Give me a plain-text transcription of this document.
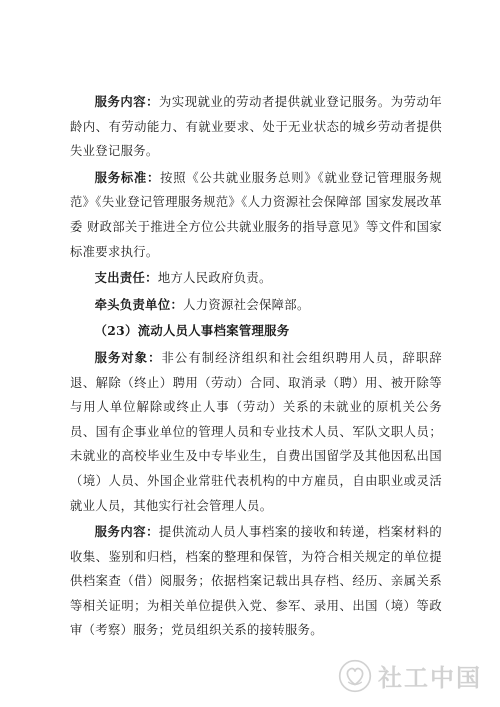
服务内容：为实现就业的劳动者提供就业登记服务。为劳动年龄内、有劳动能力、有就业要求、处于无业状态的城乡劳动者提供失业登记服务。

服务标准：按照《公共就业服务总则》《就业登记管理服务规范》《失业登记管理服务规范》《人力资源社会保障部 国家发展改革委 财政部关于推进全方位公共就业服务的指导意见》等文件和国家标准要求执行。

支出责任：地方人民政府负责。

牵头负责单位：人力资源社会保障部。

（23）流动人员人事档案管理服务

服务对象：非公有制经济组织和社会组织聘用人员，辞职辞退、解除（终止）聘用（劳动）合同、取消录（聘）用、被开除等与用人单位解除或终止人事（劳动）关系的未就业的原机关公务员、国有企事业单位的管理人员和专业技术人员、军队文职人员；未就业的高校毕业生及中专毕业生，自费出国留学及其他因私出国（境）人员、外国企业常驻代表机构的中方雇员，自由职业或灵活就业人员，其他实行社会管理人员。

服务内容：提供流动人员人事档案的接收和转递，档案材料的收集、鉴别和归档，档案的整理和保管，为符合相关规定的单位提供档案查（借）阅服务；依据档案记载出具存档、经历、亲属关系等相关证明；为相关单位提供入党、参军、录用、出国（境）等政审（考察）服务；党员组织关系的接转服务。

社工中国
